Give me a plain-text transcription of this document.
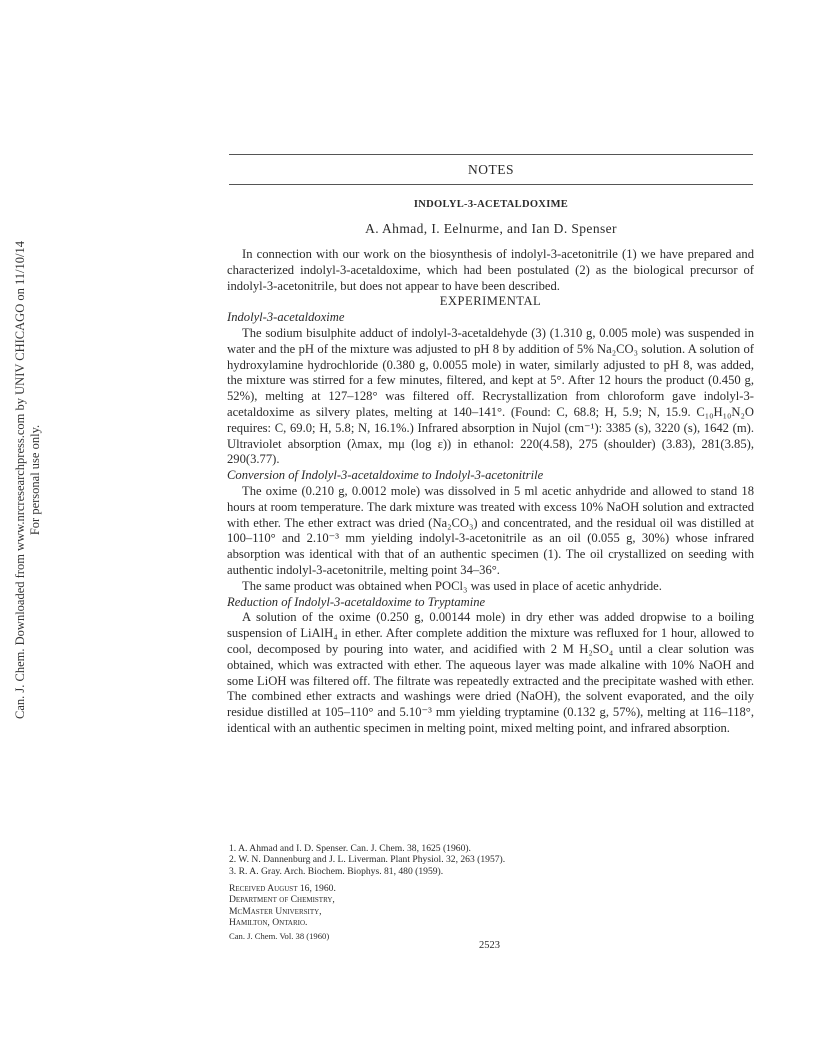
Can. J. Chem. Downloaded from www.nrcresearchpress.com by UNIV CHICAGO on 11/10/14 For personal use only.
NOTES
INDOLYL-3-ACETALDOXIME
A. Ahmad, I. Eelnurme, and Ian D. Spenser

In connection with our work on the biosynthesis of indolyl-3-acetonitrile (1) we have prepared and characterized indolyl-3-acetaldoxime, which had been postulated (2) as the biological precursor of indolyl-3-acetonitrile, but does not appear to have been described.

EXPERIMENTAL
Indolyl-3-acetaldoxime

The sodium bisulphite adduct of indolyl-3-acetaldehyde (3) (1.310 g, 0.005 mole) was suspended in water and the pH of the mixture was adjusted to pH 8 by addition of 5% Na₂CO₃ solution. A solution of hydroxylamine hydrochloride (0.380 g, 0.0055 mole) in water, similarly adjusted to pH 8, was added, the mixture was stirred for a few minutes, filtered, and kept at 5°. After 12 hours the product (0.450 g, 52%), melting at 127–128° was filtered off. Recrystallization from chloroform gave indolyl-3-acetaldoxime as silvery plates, melting at 140–141°. (Found: C, 68.8; H, 5.9; N, 15.9. C₁₀H₁₀N₂O requires: C, 69.0; H, 5.8; N, 16.1%.) Infrared absorption in Nujol (cm⁻¹): 3385 (s), 3220 (s), 1642 (m). Ultraviolet absorption (λmax, mμ (log ε)) in ethanol: 220(4.58), 275 (shoulder) (3.83), 281(3.85), 290(3.77).

Conversion of Indolyl-3-acetaldoxime to Indolyl-3-acetonitrile

The oxime (0.210 g, 0.0012 mole) was dissolved in 5 ml acetic anhydride and allowed to stand 18 hours at room temperature. The dark mixture was treated with excess 10% NaOH solution and extracted with ether. The ether extract was dried (Na₂CO₃) and concentrated, and the residual oil was distilled at 100–110° and 2.10⁻³ mm yielding indolyl-3-acetonitrile as an oil (0.055 g, 30%) whose infrared absorption was identical with that of an authentic specimen (1). The oil crystallized on seeding with authentic indolyl-3-acetonitrile, melting point 34–36°.

The same product was obtained when POCl₃ was used in place of acetic anhydride.

Reduction of Indolyl-3-acetaldoxime to Tryptamine

A solution of the oxime (0.250 g, 0.00144 mole) in dry ether was added dropwise to a boiling suspension of LiAlH₄ in ether. After complete addition the mixture was refluxed for 1 hour, allowed to cool, decomposed by pouring into water, and acidified with 2 M H₂SO₄ until a clear solution was obtained, which was extracted with ether. The aqueous layer was made alkaline with 10% NaOH and some LiOH was filtered off. The filtrate was repeatedly extracted and the precipitate washed with ether. The combined ether extracts and washings were dried (NaOH), the solvent evaporated, and the oily residue distilled at 105–110° and 5.10⁻³ mm yielding tryptamine (0.132 g, 57%), melting at 116–118°, identical with an authentic specimen in melting point, mixed melting point, and infrared absorption.

1. A. Ahmad and I. D. Spenser. Can. J. Chem. 38, 1625 (1960).
2. W. N. Dannenburg and J. L. Liverman. Plant Physiol. 32, 263 (1957).
3. R. A. Gray. Arch. Biochem. Biophys. 81, 480 (1959).
Received August 16, 1960.
Department of Chemistry,
McMaster University,
Hamilton, Ontario.
Can. J. Chem. Vol. 38 (1960)
2523
